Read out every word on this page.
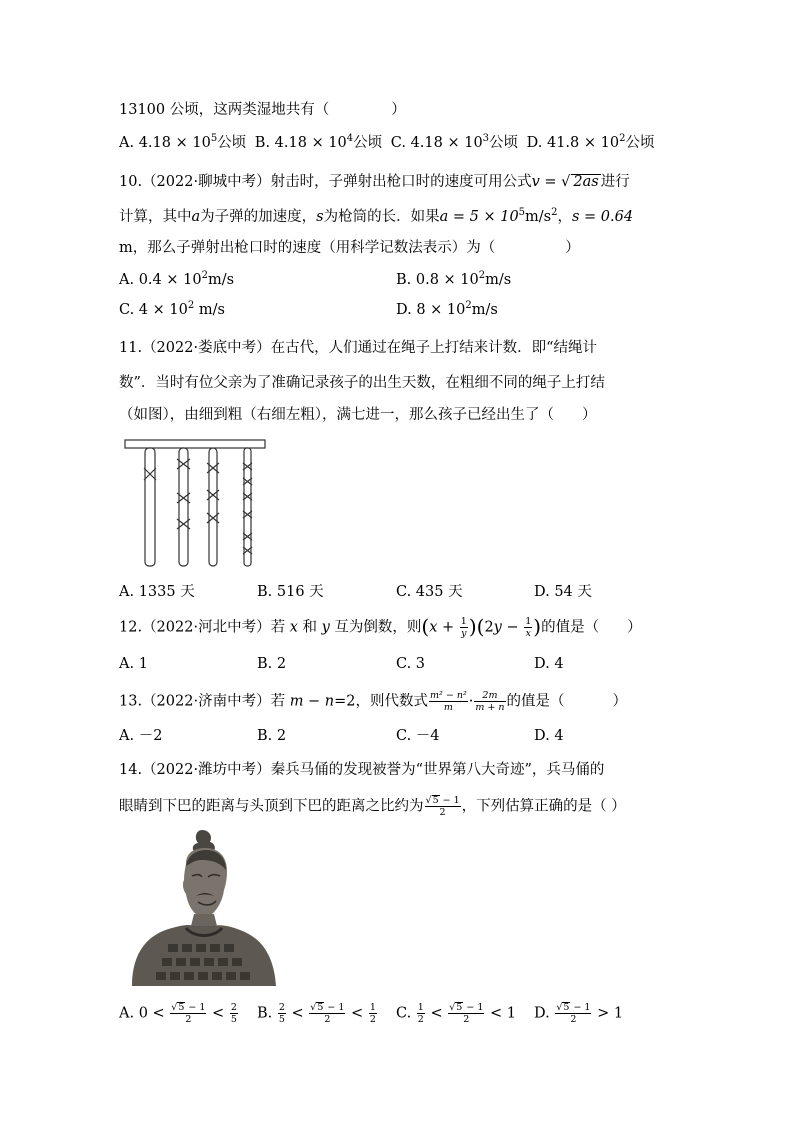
13100 公顷，这两类湿地共有（	）
A. $4.18 \times 10^5$公顷 B. $4.18 \times 10^4$公顷 C. $4.18 \times 10^3$公顷 D. $41.8 \times 10^2$公顷
10.（2022·聊城中考）射击时，子弹射出枪口时的速度可用公式v = √ 2as 进行
计算，其中a为子弹的加速度，s为枪筒的长．如果$a = 5 \times 10^5m/s^2$，s = 0.64
m，那么子弹射出枪口时的速度（用科学记数法表示）为（	）
A. $0.4 \times 10^2m/s$	B. $0.8 \times 10^2m/s$
C. $4 \times 10^2$ m/s	D. $8 \times 10^2m/s$
11.（2022·娄底中考）在古代，人们通过在绳子上打结来计数．即“结绳计
数”．当时有位父亲为了准确记录孩子的出生天数，在粗细不同的绳子上打结
（如图），由细到粗（右细左粗），满七进一，那么孩子已经出生了（ ）
A. 1335 天	B. 516 天	C. 435 天	D. 54 天
12.（2022·河北中考）若 x 和 y 互为倒数，则$(x + \frac{1}{y} )(2y - \frac{1}{x}$ )的值是（ ）
A. 1	B. 2	C. 3	D. 4
13.（2022·济南中考）若 m − n=2，则代数式 $\frac{\text{m² − n²}}{m} \cdot \frac{2m}{m + n}$ 的值是（	）
A. －2	B. 2	C. －4	D. 4
14.（2022·潍坊中考）秦兵马俑的发现被誉为“世界第八大奇迹”，兵马俑的
眼睛到下巴的距离与头顶到下巴的距离之比约为 $\frac{√5 - 1}{2}$ ，下列估算正确的是（ ）
A. $0 < \frac{√5 - 1}{2} < \frac{2}{5} B$. $\frac{2}{5} < \frac{√5 - 1}{2} < \frac{1}{2} C$. $\frac{1}{2} < \frac{√5 - 1}{2} < 1$ D. $\frac{√5 - 1}{2} > 1$
